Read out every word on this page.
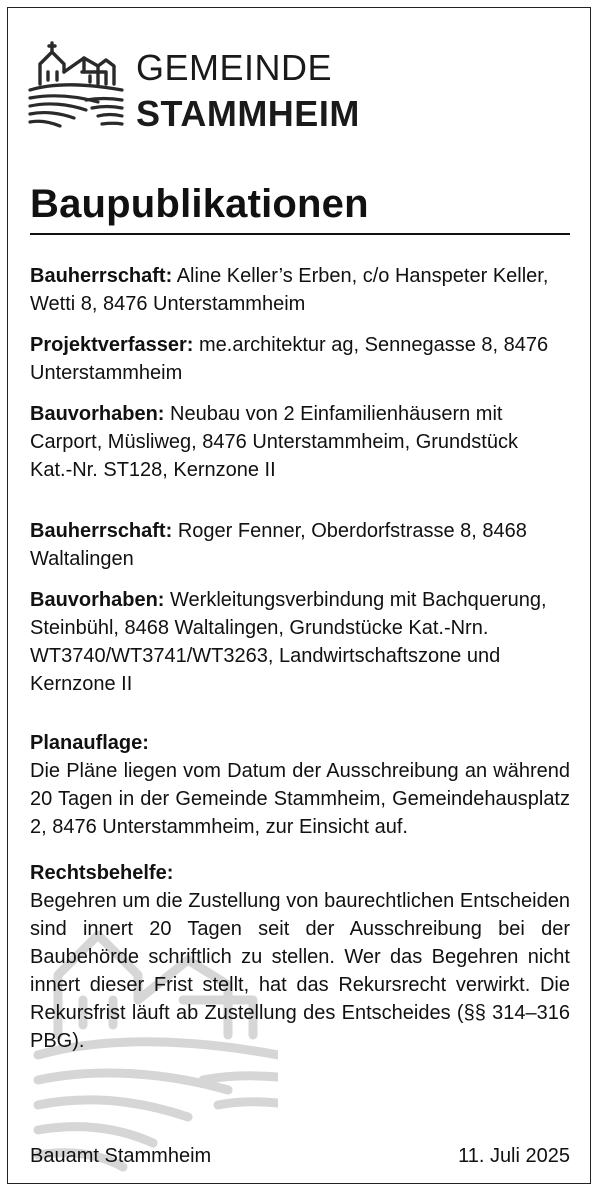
GEMEINDE
STAMMHEIM
Baupublikationen

Bauherrschaft: Aline Keller’s Erben, c/o Hanspeter Keller, Wetti 8, 8476 Unterstammheim

Projektverfasser: me.architektur ag, Sennegasse 8, 8476 Unterstammheim

Bauvorhaben: Neubau von 2 Einfamilienhäusern mit Carport, Müsliweg, 8476 Unterstammheim, Grundstück Kat.-Nr. ST128, Kernzone II

Bauherrschaft: Roger Fenner, Oberdorfstrasse 8, 8468 Waltalingen

Bauvorhaben: Werkleitungsverbindung mit Bachquerung, Steinbühl, 8468 Waltalingen, Grundstücke Kat.-Nrn. WT3740/WT3741/WT3263, Landwirtschaftszone und Kernzone II

Planauflage:

Die Pläne liegen vom Datum der Ausschreibung an während 20 Tagen in der Gemeinde Stammheim, Gemeindehausplatz 2, 8476 Unterstammheim, zur Einsicht auf.

Rechtsbehelfe:

Begehren um die Zustellung von baurechtlichen Entscheiden sind innert 20 Tagen seit der Ausschreibung bei der Baubehörde schriftlich zu stellen. Wer das Begehren nicht innert dieser Frist stellt, hat das Rekursrecht verwirkt. Die Rekursfrist läuft ab Zustellung des Entscheides (§§ 314–316 PBG).

Bauamt Stammheim	11. Juli 2025
